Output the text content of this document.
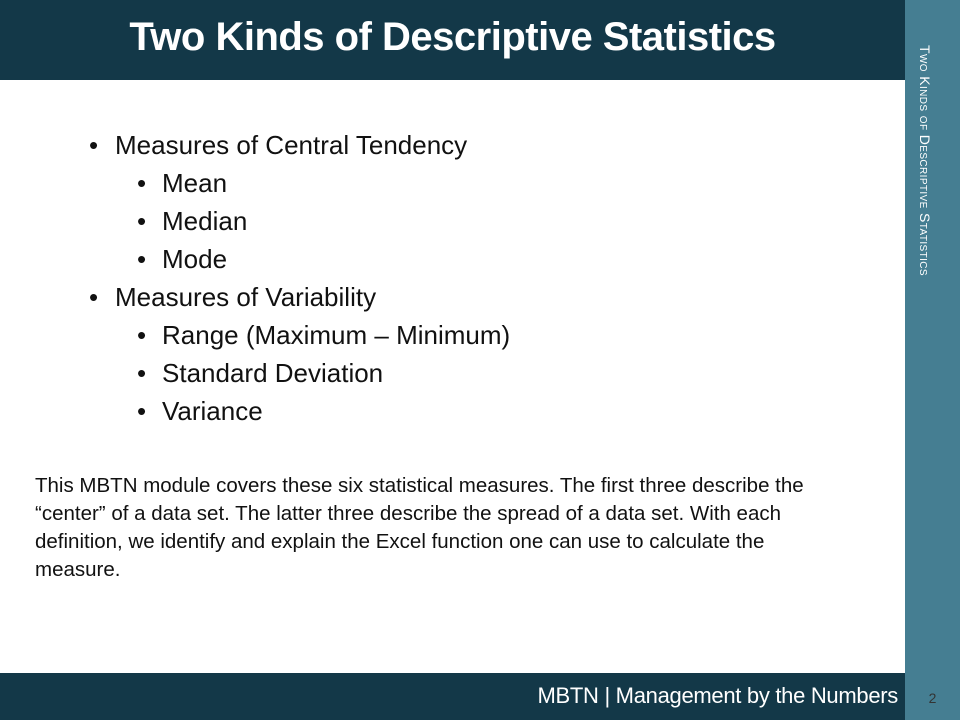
Two Kinds of Descriptive Statistics
Two Kinds of Descriptive Statistics
• Measures of Central Tendency
• Mean
• Median
• Mode
• Measures of Variability
• Range (Maximum – Minimum)
• Standard Deviation
• Variance

This MBTN module covers these six statistical measures. The first three describe the “center” of a data set. The latter three describe the spread of a data set. With each definition, we identify and explain the Excel function one can use to calculate the measure.

MBTN | Management by the Numbers	2
